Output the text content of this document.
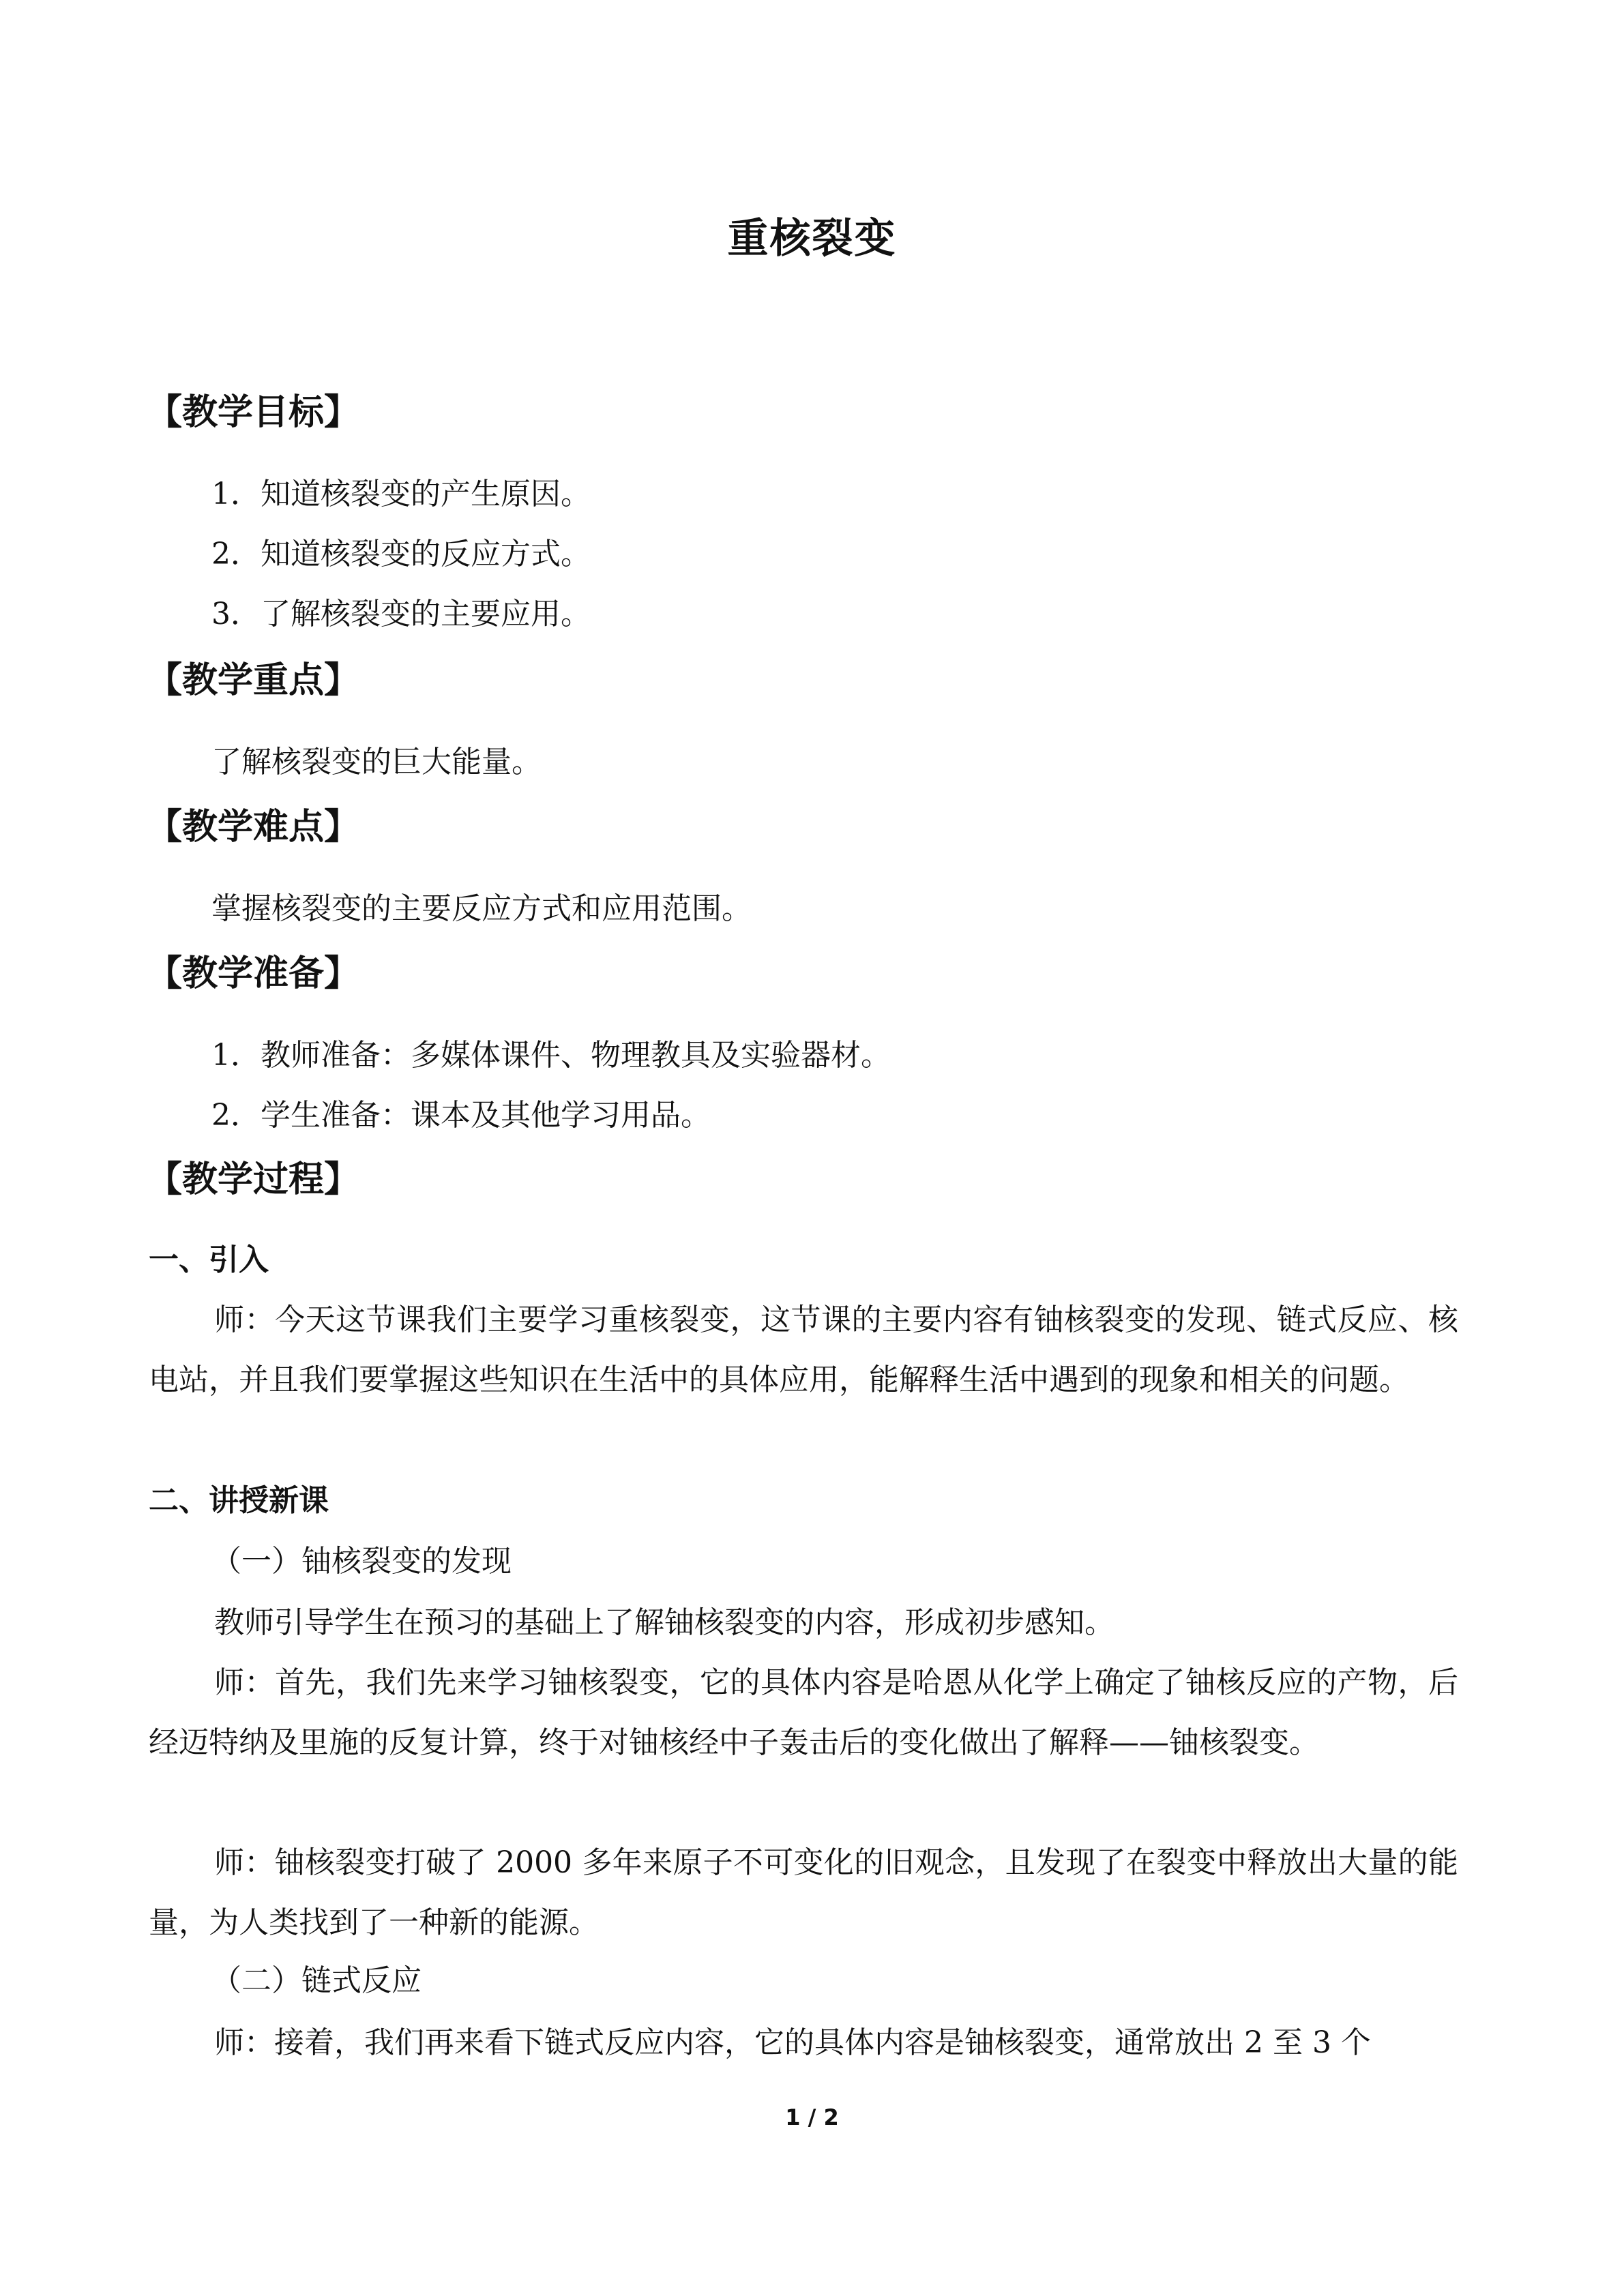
重核裂变
【教学目标】
1．知道核裂变的产生原因。
2．知道核裂变的反应方式。
3．了解核裂变的主要应用。
【教学重点】
了解核裂变的巨大能量。
【教学难点】
掌握核裂变的主要反应方式和应用范围。
【教学准备】
1．教师准备：多媒体课件、物理教具及实验器材。
2．学生准备：课本及其他学习用品。
【教学过程】
一、引入
师：今天这节课我们主要学习重核裂变，这节课的主要内容有铀核裂变的发现、链式反应、核电站，并且我们要掌握这些知识在生活中的具体应用，能解释生活中遇到的现象和相关的问题。
二、讲授新课
（一）铀核裂变的发现
教师引导学生在预习的基础上了解铀核裂变的内容，形成初步感知。
师：首先，我们先来学习铀核裂变，它的具体内容是哈恩从化学上确定了铀核反应的产物，后经迈特纳及里施的反复计算，终于对铀核经中子轰击后的变化做出了解释——铀核裂变。
师：铀核裂变打破了 2000 多年来原子不可变化的旧观念，且发现了在裂变中释放出大量的能量，为人类找到了一种新的能源。
（二）链式反应
师：接着，我们再来看下链式反应内容，它的具体内容是铀核裂变，通常放出 2 至 3 个
1 / 2
